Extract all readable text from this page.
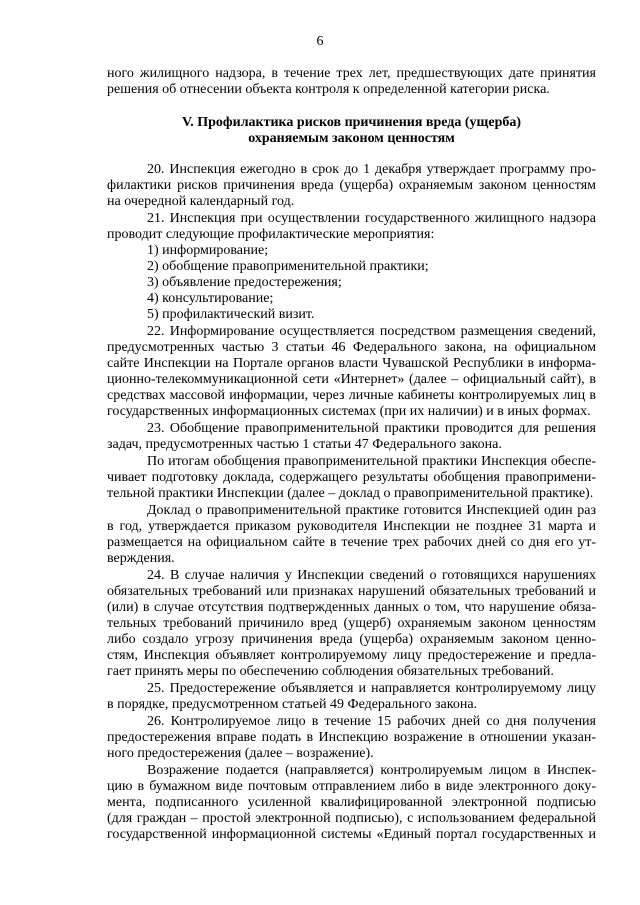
6
ного жилищного надзора, в течение трех лет, предшествующих дате принятия
решения об отнесении объекта контроля к определенной категории риска.
V. Профилактика рисков причинения вреда (ущерба)
охраняемым законом ценностям
20. Инспекция ежегодно в срок до 1 декабря утверждает программу про-
филактики рисков причинения вреда (ущерба) охраняемым законом ценностям
на очередной календарный год.
21. Инспекция при осуществлении государственного жилищного надзора
проводит следующие профилактические мероприятия:
1) информирование;
2) обобщение правоприменительной практики;
3) объявление предостережения;
4) консультирование;
5) профилактический визит.
22. Информирование осуществляется посредством размещения сведений,
предусмотренных частью 3 статьи 46 Федерального закона, на официальном
сайте Инспекции на Портале органов власти Чувашской Республики в информа-
ционно-телекоммуникационной сети «Интернет» (далее – официальный сайт), в
средствах массовой информации, через личные кабинеты контролируемых лиц в
государственных информационных системах (при их наличии) и в иных формах.
23. Обобщение правоприменительной практики проводится для решения
задач, предусмотренных частью 1 статьи 47 Федерального закона.
По итогам обобщения правоприменительной практики Инспекция обеспе-
чивает подготовку доклада, содержащего результаты обобщения правопримени-
тельной практики Инспекции (далее – доклад о правоприменительной практике).
Доклад о правоприменительной практике готовится Инспекцией один раз
в год, утверждается приказом руководителя Инспекции не позднее 31 марта и
размещается на официальном сайте в течение трех рабочих дней со дня его ут-
верждения.
24. В случае наличия у Инспекции сведений о готовящихся нарушениях
обязательных требований или признаках нарушений обязательных требований и
(или) в случае отсутствия подтвержденных данных о том, что нарушение обяза-
тельных требований причинило вред (ущерб) охраняемым законом ценностям
либо создало угрозу причинения вреда (ущерба) охраняемым законом ценно-
стям, Инспекция объявляет контролируемому лицу предостережение и предла-
гает принять меры по обеспечению соблюдения обязательных требований.
25. Предостережение объявляется и направляется контролируемому лицу
в порядке, предусмотренном статьей 49 Федерального закона.
26. Контролируемое лицо в течение 15 рабочих дней со дня получения
предостережения вправе подать в Инспекцию возражение в отношении указан-
ного предостережения (далее – возражение).
Возражение подается (направляется) контролируемым лицом в Инспек-
цию в бумажном виде почтовым отправлением либо в виде электронного доку-
мента, подписанного усиленной квалифицированной электронной подписью
(для граждан – простой электронной подписью), с использованием федеральной
государственной информационной системы «Единый портал государственных и
